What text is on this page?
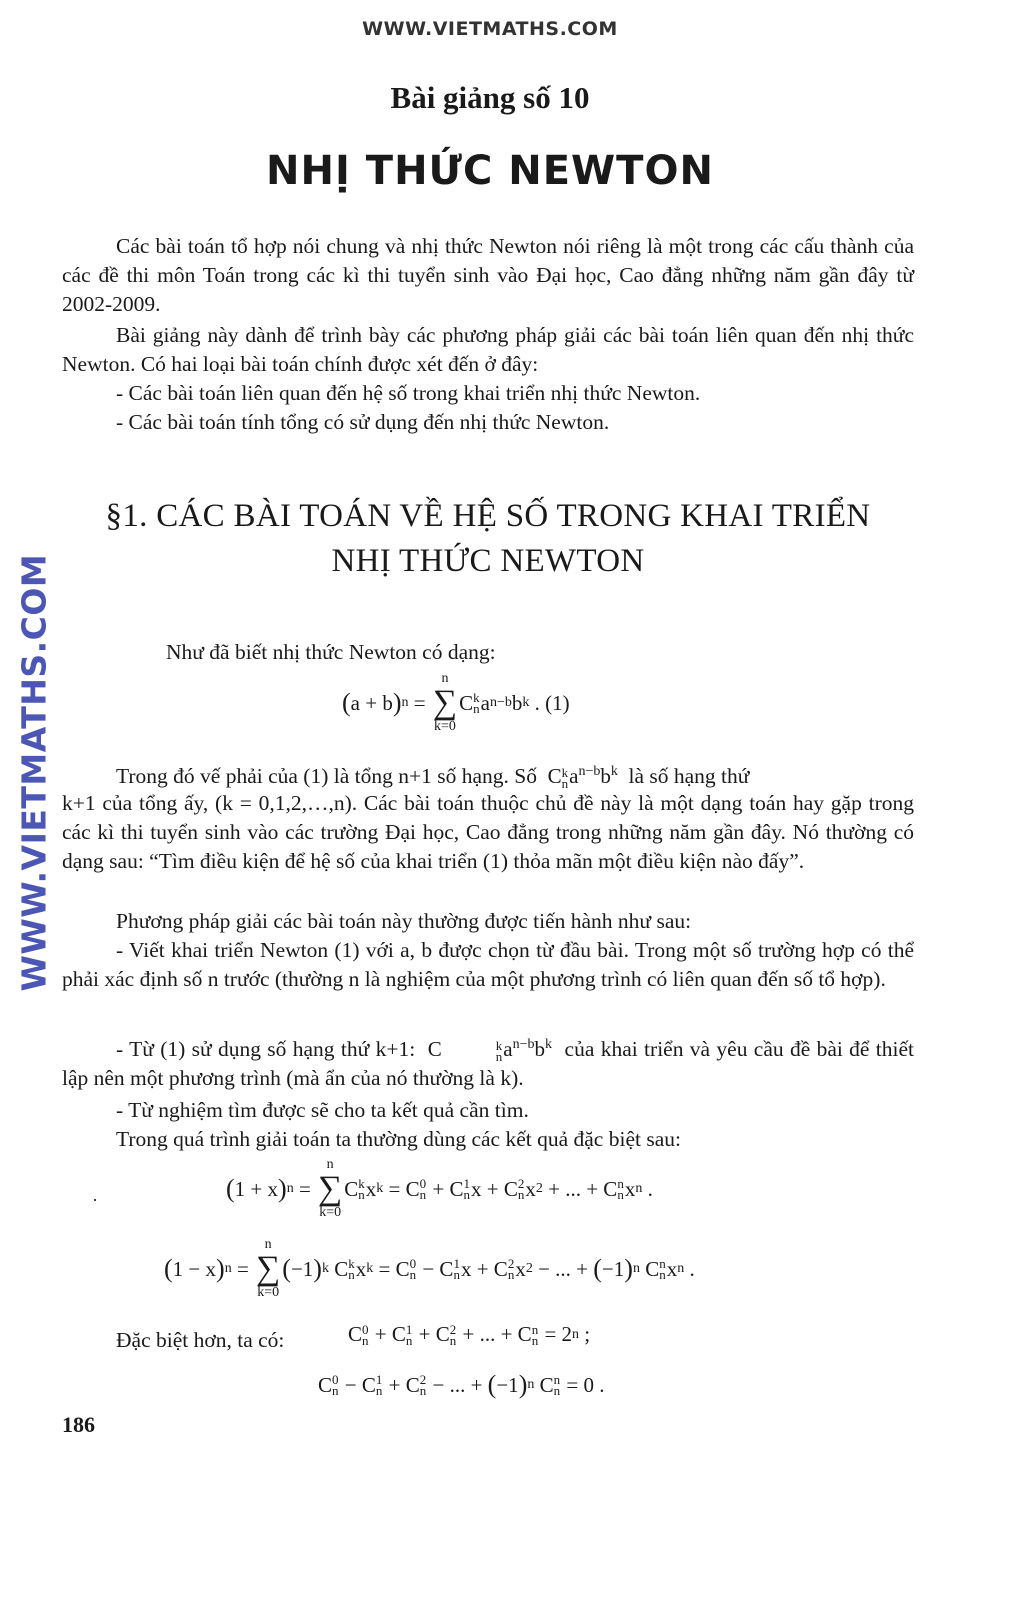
WWW.VIETMATHS.COM
Bài giảng số 10
NHỊ THỨC NEWTON
Các bài toán tổ hợp nói chung và nhị thức Newton nói riêng là một trong các cấu thành của các đề thi môn Toán trong các kì thi tuyển sinh vào Đại học, Cao đẳng những năm gần đây từ 2002-2009.
Bài giảng này dành để trình bày các phương pháp giải các bài toán liên quan đến nhị thức Newton. Có hai loại bài toán chính được xét đến ở đây:
- Các bài toán liên quan đến hệ số trong khai triển nhị thức Newton.
- Các bài toán tính tổng có sử dụng đến nhị thức Newton.
§1. CÁC BÀI TOÁN VỀ HỆ SỐ TRONG KHAI TRIỂN
NHỊ THỨC NEWTON
WWW.VIETMATHS.COM	Như đã biết nhị thức Newton có dạng:
( a + b ) n =
n
∑
k=0
C k
n a n−b b k . (1)
Trong đó vế phải của (1) là tổng n+1 số hạng. Số  C k
n $a^{n-b}b^k$ là số hạng thứ
k+1 của tổng ấy, (k = 0,1,2,…,n). Các bài toán thuộc chủ đề này là một dạng toán hay gặp trong các kì thi tuyển sinh vào các trường Đại học, Cao đẳng trong những năm gần đây. Nó thường có dạng sau: “Tìm điều kiện để hệ số của khai triển (1) thỏa mãn một điều kiện nào đấy”.
Phương pháp giải các bài toán này thường được tiến hành như sau:
- Viết khai triển Newton (1) với a, b được chọn từ đầu bài. Trong một số trường hợp có thể phải xác định số n trước (thường n là nghiệm của một phương trình có liên quan đến số tổ hợp).
- Từ (1) sử dụng số hạng thứ k+1:  C	k
n $a^{n-b}b^k$ của khai triển và yêu cầu đề bài để thiết lập nên một phương trình (mà ẩn của nó thường là k).
- Từ nghiệm tìm được sẽ cho ta kết quả cần tìm.
Trong quá trình giải toán ta thường dùng các kết quả đặc biệt sau:
·	( 1 + x ) n =
n
∑
k=0
C k
n x k = C 0
n + C 1
n x + C 2
n x 2 + ... + C n
n x n .
( 1 − x ) n =
n
∑
k=0
( −1 ) k C k
n x k = C 0
n − C 1
n x + C 2
n x 2 − ... + ( −1 ) n C n
n x n .
Đặc biệt hơn, ta có:	C 0
n + C 1
n + C 2
n + ... + C n
n = 2 n ;
C 0
n − C 1
n + C 2
n − ... + ( −1 ) n C n
n = 0 .
186
